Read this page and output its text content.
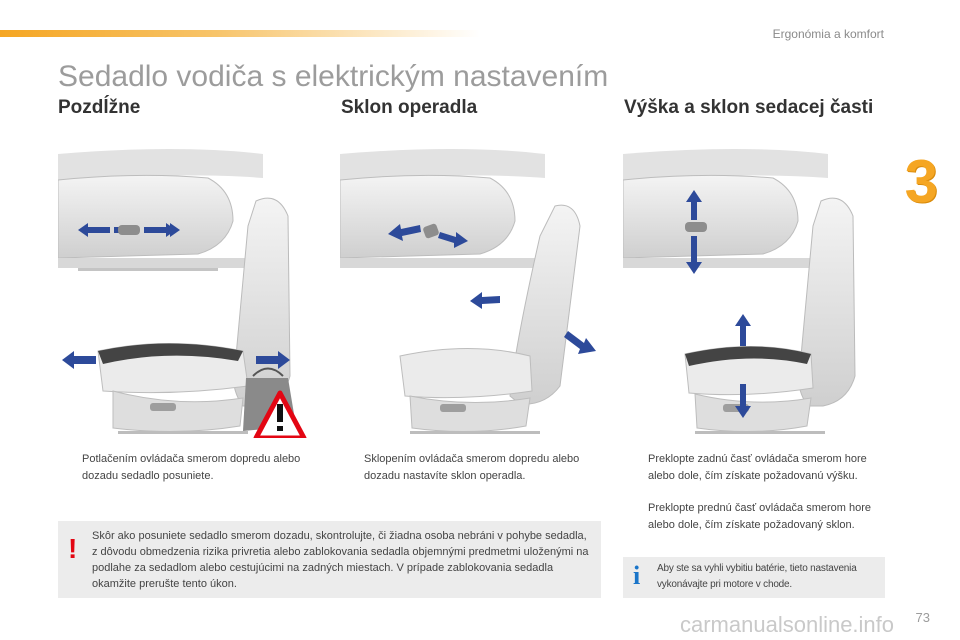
Ergonómia a komfort
3
Sedadlo vodiča s elektrickým nastavením
Pozdĺžne	Sklon operadla	Výška a sklon sedacej časti
Potlačením ovládača smerom dopredu alebo dozadu sedadlo posuniete.
Sklopením ovládača smerom dopredu alebo dozadu nastavíte sklon operadla.
Preklopte zadnú časť ovládača smerom hore alebo dole, čím získate požadovanú výšku.
Preklopte prednú časť ovládača smerom hore alebo dole, čím získate požadovaný sklon.
! Skôr ako posuniete sedadlo smerom dozadu, skontrolujte, či žiadna osoba nebráni v pohybe sedadla, z dôvodu obmedzenia rizika privretia alebo zablokovania sedadla objemnými predmetmi uloženými na podlahe za sedadlom alebo cestujúcimi na zadných miestach. V prípade zablokovania sedadla okamžite prerušte tento úkon.	i Aby ste sa vyhli vybitiu batérie, tieto nastavenia vykonávajte pri motore v chode.

carmanualsonline.info 73
